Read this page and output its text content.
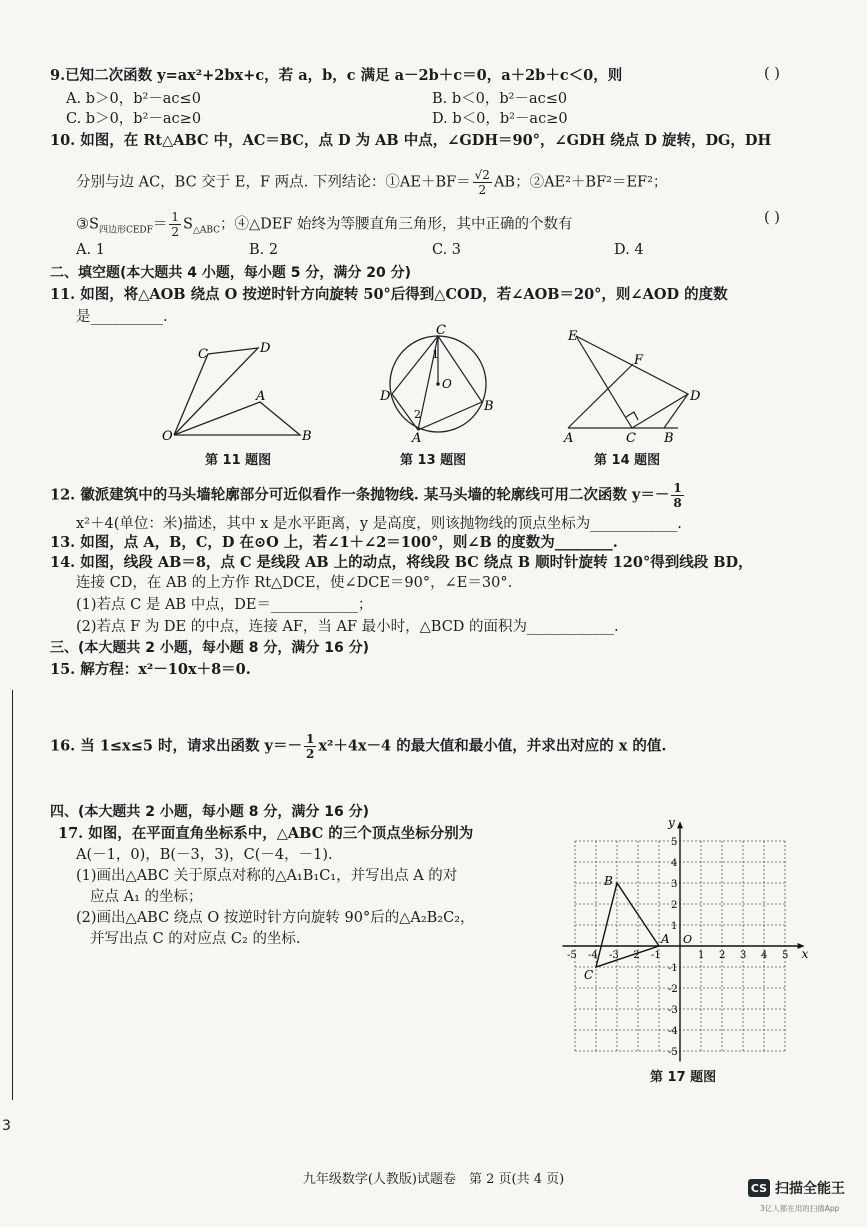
9.已知二次函数 y=ax²+2bx+c，若 a，b，c 满足 a－2b＋c＝0，a＋2b＋c＜0，则	( )
A. b＞0，b²－ac≤0	B. b＜0，b²－ac≤0
C. b＞0，b²－ac≥0	D. b＜0，b²－ac≥0
10. 如图，在 Rt△ABC 中，AC＝BC，点 D 为 AB 中点，∠GDH＝90°，∠GDH 绕点 D 旋转，DG，DH
分别与边 AC，BC 交于 E，F 两点. 下列结论：①AE＋BF＝ $\frac{√2}{2}$ AB；②AE²＋BF²＝EF²；
$③S_{四边形CEDF}= \frac{1}{2} S_{\triangle ABC}$；④△DEF 始终为等腰直角三角形，其中正确的个数有	( )
A. 1	B. 2	C. 3	D. 4
二、填空题(本大题共 4 小题，每小题 5 分，满分 20 分)
11. 如图，将△AOB 绕点 O 按逆时针方向旋转 50°后得到△COD，若∠AOB＝20°，则∠AOD 的度数
是__________.
C	D
A
O	B
第 11 题图
C
D
O
B
A
1
2
第 13 题图
E
F
D
A	C B
第 14 题图
12. 徽派建筑中的马头墙轮廓部分可近似看作一条抛物线. 某马头墙的轮廓线可用二次函数 $y=- \frac{1}{8}$
x²＋4(单位：米)描述，其中 x 是水平距离，y 是高度，则该抛物线的顶点坐标为____________.
13. 如图，点 A，B，C，D 在⊙O 上，若∠1＋∠2＝100°，则∠B 的度数为________.
14. 如图，线段 AB＝8，点 C 是线段 AB 上的动点，将线段 BC 绕点 B 顺时针旋转 120°得到线段 BD，
连接 CD，在 AB 的上方作 Rt△DCE，使∠DCE＝90°，∠E＝30°.
(1)若点 C 是 AB 中点，DE＝____________；
(2)若点 F 为 DE 的中点，连接 AF，当 AF 最小时，△BCD 的面积为____________.
三、(本大题共 2 小题，每小题 8 分，满分 16 分)
15. 解方程：x²－10x＋8＝0.
16. 当 1≤x≤5 时，请求出函数 $y=- \frac{1}{2} x^2+4x-4$ 的最大值和最小值，并求出对应的 x 的值.
四、(本大题共 2 小题，每小题 8 分，满分 16 分)
17. 如图，在平面直角坐标系中，△ABC 的三个顶点坐标分别为
A(－1，0)，B(－3，3)，C(－4，－1).
(1)画出△ABC 关于原点对称的△A₁B₁C₁，并写出点 A 的对
应点 A₁ 的坐标；
(2)画出△ABC 绕点 O 按逆时针方向旋转 90°后的△A₂B₂C₂，
并写出点 C 的对应点 C₂ 的坐标.
x
y
O
-5 -4 -3 -2 -1	1 2 3 4 5
5
4
3
2
1
-1
-2
-3
-4
-5
B
A
C
第 17 题图
3
九年级数学(人教版)试题卷　第 2 页(共 4 页)
CS 扫描全能王
3亿人都在用的扫描App
